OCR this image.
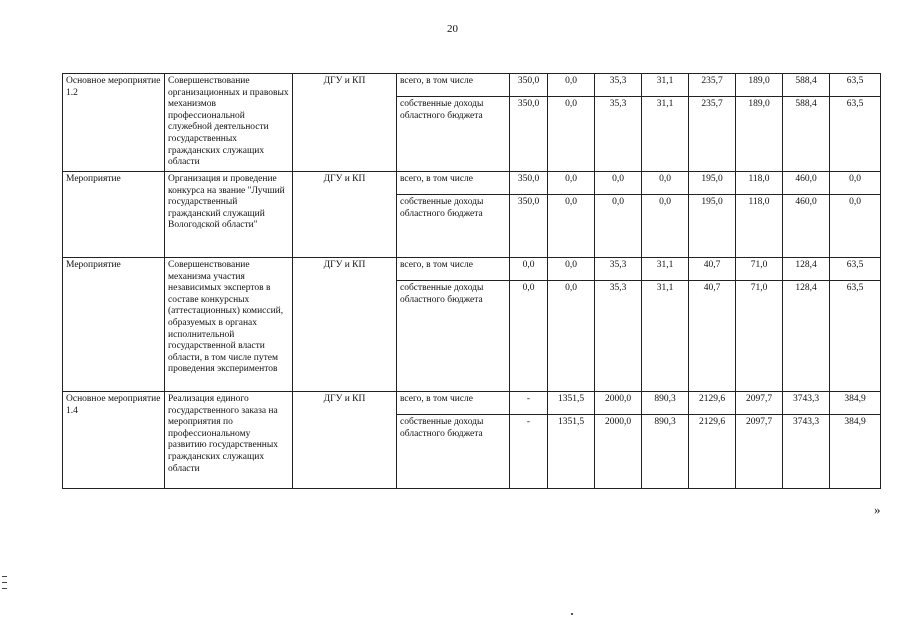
20
Основное мероприятие 1.2	Совершенствование организационных и правовых механизмов профессиональной служебной деятельности государственных гражданских служащих области	ДГУ и КП	всего, в том числе	350,0	0,0	35,3	31,1	235,7	189,0	588,4	63,5
			собственные доходы областного бюджета	350,0	0,0	35,3	31,1	235,7	189,0	588,4	63,5
Мероприятие	Организация и проведение конкурса на звание "Лучший государственный гражданский служащий Вологодской области"	ДГУ и КП	всего, в том числе	350,0	0,0	0,0	0,0	195,0	118,0	460,0	0,0
			собственные доходы областного бюджета	350,0	0,0	0,0	0,0	195,0	118,0	460,0	0,0
Мероприятие	Совершенствование механизма участия независимых экспертов в составе конкурсных (аттестационных) комиссий, образуемых в органах исполнительной государственной власти области, в том числе путем проведения экспериментов	ДГУ и КП	всего, в том числе	0,0	0,0	35,3	31,1	40,7	71,0	128,4	63,5
			собственные доходы областного бюджета	0,0	0,0	35,3	31,1	40,7	71,0	128,4	63,5
Основное мероприятие 1.4	Реализация единого государственного заказа на мероприятия по профессиональному развитию государственных гражданских служащих области	ДГУ и КП	всего, в том числе	-	1351,5	2000,0	890,3	2129,6	2097,7	3743,3	384,9
			собственные доходы областного бюджета	-	1351,5	2000,0	890,3	2129,6	2097,7	3743,3	384,9
»
